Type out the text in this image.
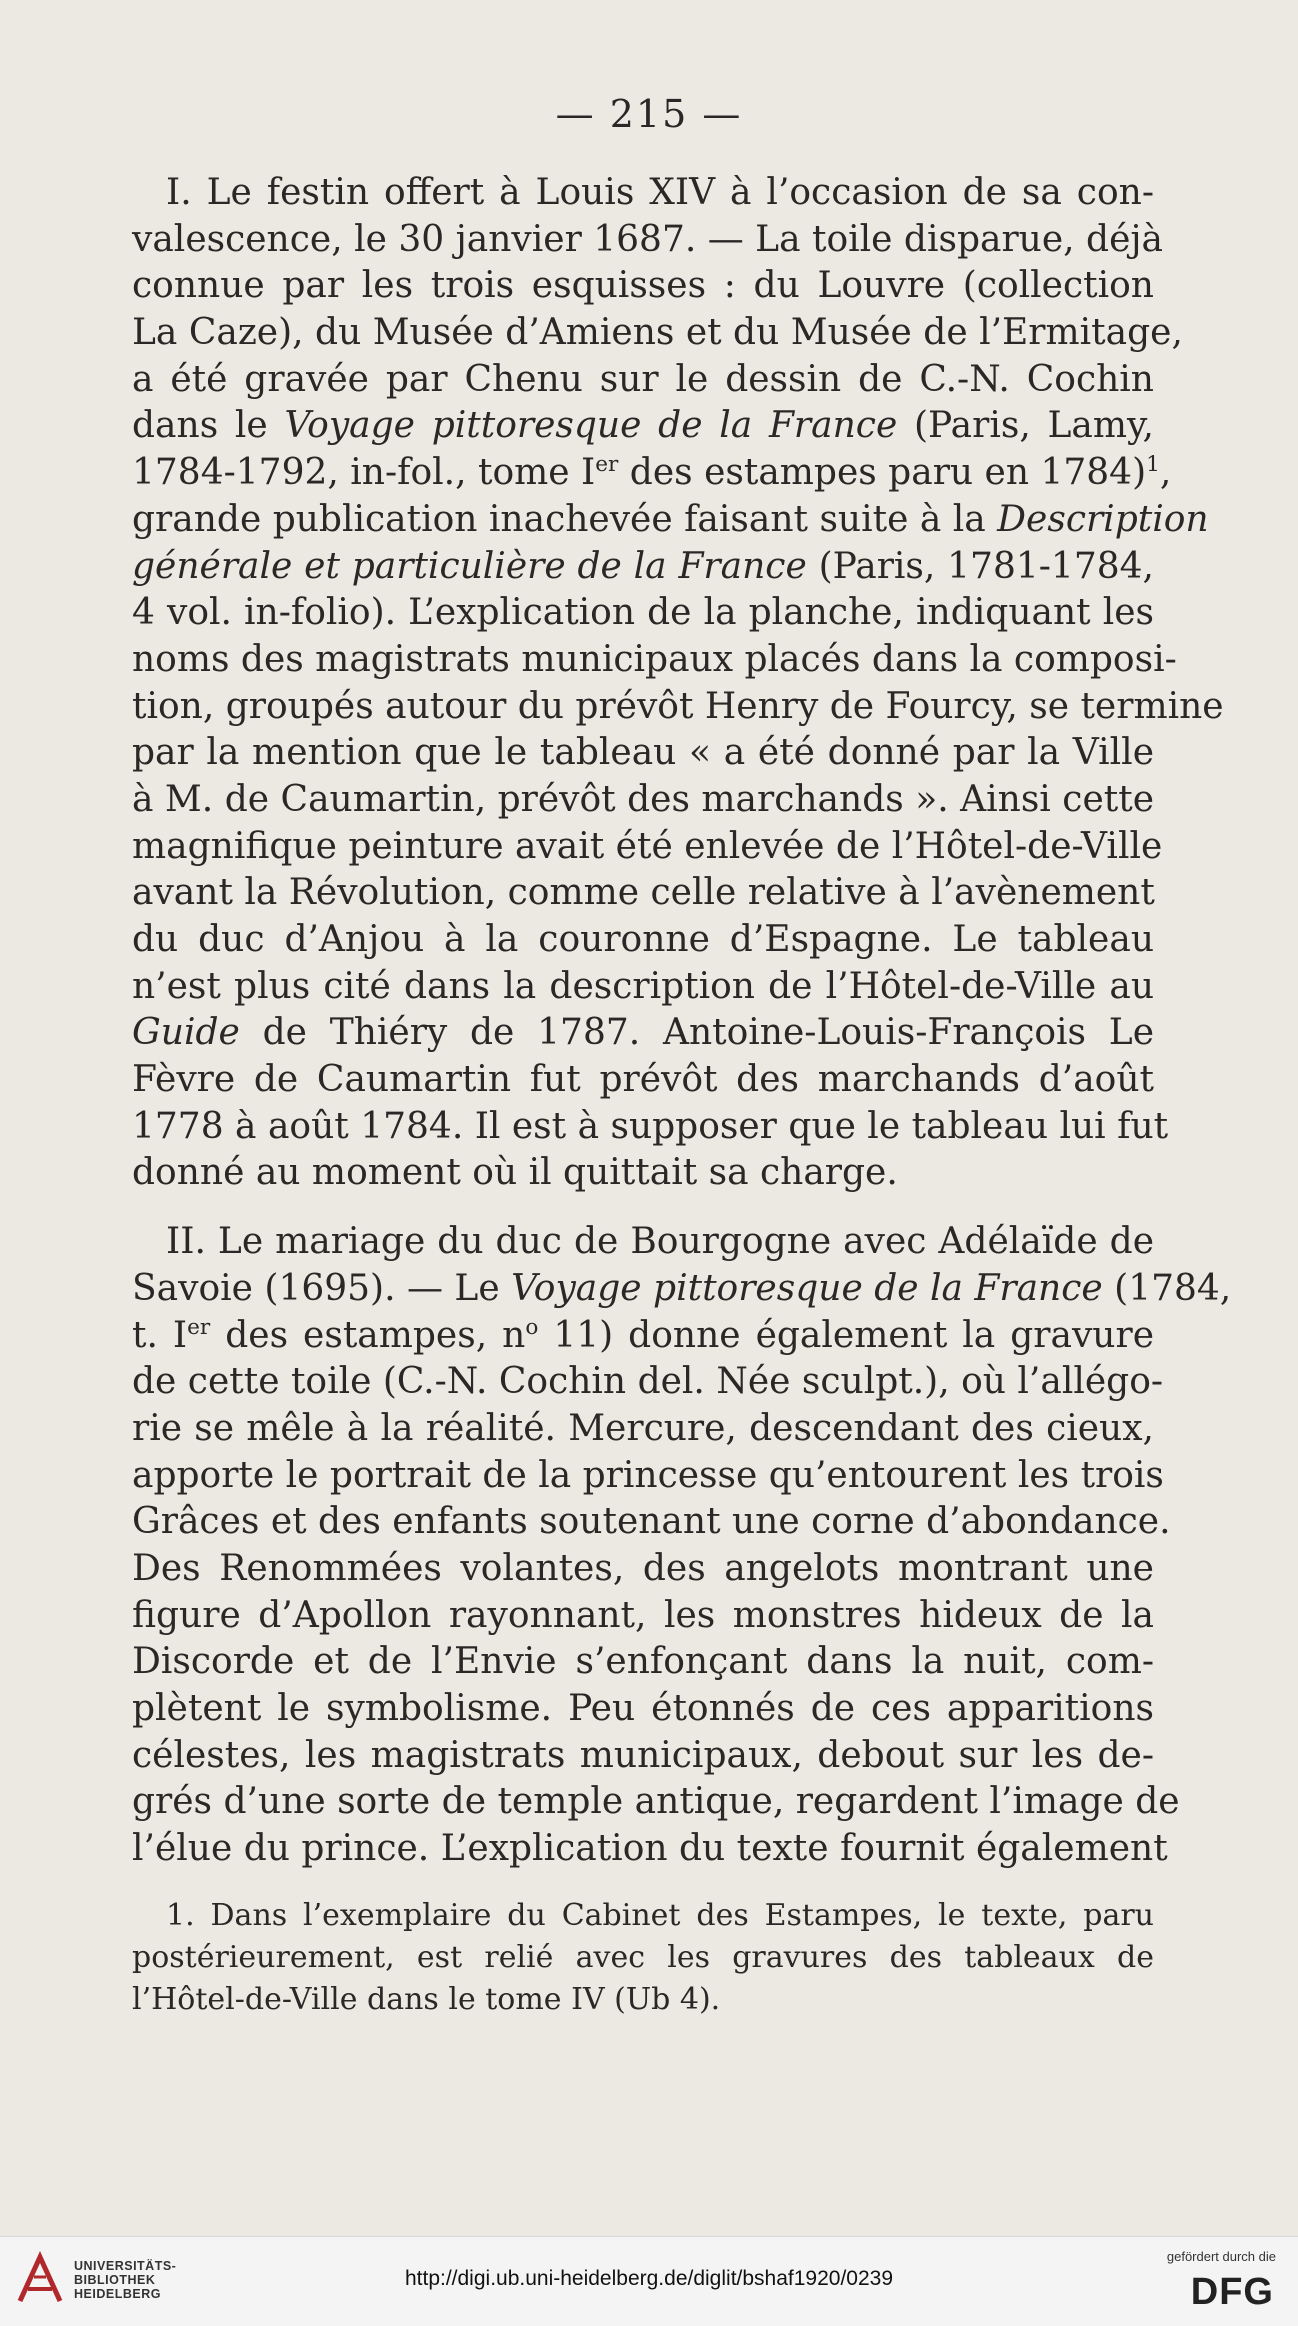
— 215 —
I. Le festin offert à Louis XIV à l’occasion de sa con-
valescence, le 30 janvier 1687. — La toile disparue, déjà
connue par les trois esquisses : du Louvre (collection
La Caze), du Musée d’Amiens et du Musée de l’Ermitage,
a été gravée par Chenu sur le dessin de C.-N. Cochin
dans le Voyage pittoresque de la France (Paris, Lamy,
1784-1792, in-fol., tome Ier des estampes paru en 1784)$^1$,
grande publication inachevée faisant suite à la Description
générale et particulière de la France (Paris, 1781-1784,
4 vol. in-folio). L’explication de la planche, indiquant les
noms des magistrats municipaux placés dans la composi-
tion, groupés autour du prévôt Henry de Fourcy, se termine
par la mention que le tableau « a été donné par la Ville
à M. de Caumartin, prévôt des marchands ». Ainsi cette
magnifique peinture avait été enlevée de l’Hôtel-de-Ville
avant la Révolution, comme celle relative à l’avènement
du duc d’Anjou à la couronne d’Espagne. Le tableau
n’est plus cité dans la description de l’Hôtel-de-Ville au
Guide de Thiéry de 1787. Antoine-Louis-François Le
Fèvre de Caumartin fut prévôt des marchands d’août
1778 à août 1784. Il est à supposer que le tableau lui fut
donné au moment où il quittait sa charge.
II. Le mariage du duc de Bourgogne avec Adélaïde de
Savoie (1695). — Le Voyage pittoresque de la France (1784,
t. Ier des estampes, $n^o$ 11) donne également la gravure
de cette toile (C.-N. Cochin del. Née sculpt.), où l’allégo-
rie se mêle à la réalité. Mercure, descendant des cieux,
apporte le portrait de la princesse qu’entourent les trois
Grâces et des enfants soutenant une corne d’abondance.
Des Renommées volantes, des angelots montrant une
figure d’Apollon rayonnant, les monstres hideux de la
Discorde et de l’Envie s’enfonçant dans la nuit, com-
plètent le symbolisme. Peu étonnés de ces apparitions
célestes, les magistrats municipaux, debout sur les de-
grés d’une sorte de temple antique, regardent l’image de
l’élue du prince. L’explication du texte fournit également
1. Dans l’exemplaire du Cabinet des Estampes, le texte, paru
postérieurement, est relié avec les gravures des tableaux de
l’Hôtel-de-Ville dans le tome IV (Ub 4).
UNIVERSITÄTS-
BIBLIOTHEK
HEIDELBERG
http://digi.ub.uni-heidelberg.de/diglit/bshaf1920/0239
gefördert durch die
DFG
